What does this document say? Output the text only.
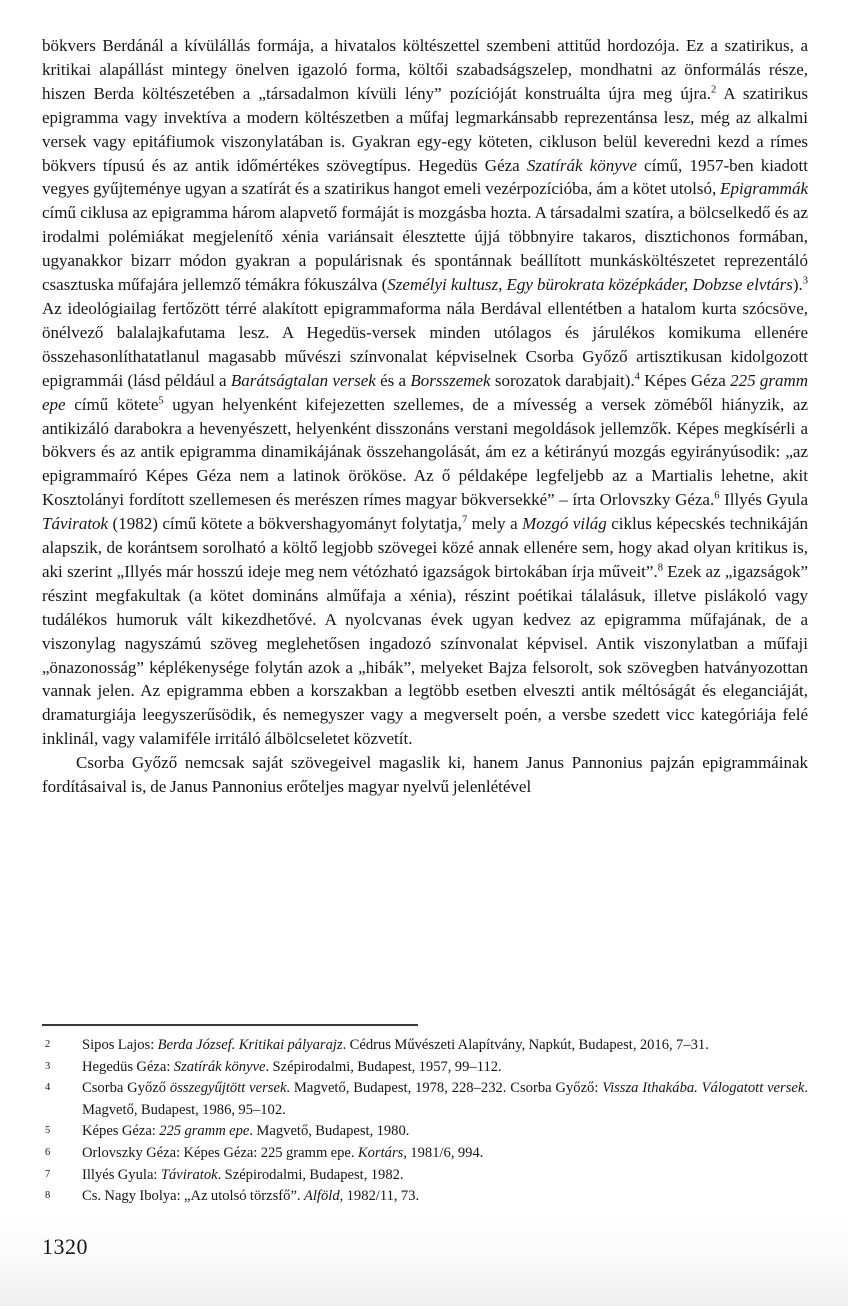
bökvers Berdánál a kívülállás formája, a hivatalos költészettel szembeni attitűd hordozója. Ez a szatirikus, a kritikai alapállást mintegy önelven igazoló forma, költői szabadságszelep, mondhatni az önformálás része, hiszen Berda költészetében a „társadalmon kívüli lény” pozícióját konstruálta újra meg újra.$^2$ A szatirikus epigramma vagy invektíva a modern költészetben a műfaj legmarkánsabb reprezentánsa lesz, még az alkalmi versek vagy epitáfiumok viszonylatában is. Gyakran egy-egy köteten, cikluson belül keveredni kezd a rímes bökvers típusú és az antik időmértékes szövegtípus. Hegedüs Géza Szatírák könyve című, 1957-ben kiadott vegyes gyűjteménye ugyan a szatírát és a szatirikus hangot emeli vezérpozícióba, ám a kötet utolsó, Epigrammák című ciklusa az epigramma három alapvető formáját is mozgásba hozta. A társadalmi szatíra, a bölcselkedő és az irodalmi polémiákat megjelenítő xénia variánsait élesztette újjá többnyire takaros, disztichonos formában, ugyanakkor bizarr módon gyakran a populárisnak és spontánnak beállított munkásköltészetet reprezentáló csasztuska műfajára jellemző témákra fókuszálva (Személyi kultusz, Egy bürokrata középkáder, Dobzse elvtárs).$^3$ Az ideológiailag fertőzött térré alakított epigrammaforma nála Berdával ellentétben a hatalom kurta szócsöve, önélvező balalajkafutama lesz. A Hegedüs-versek minden utólagos és járulékos komikuma ellenére összehasonlíthatatlanul magasabb művészi színvonalat képviselnek Csorba Győző artisztikusan kidolgozott epigrammái (lásd például a Barátságtalan versek és a Borsszemek sorozatok darabjait).$^4$ Képes Géza 225 gramm epe című kötete$^5$ ugyan helyenként kifejezetten szellemes, de a mívesség a versek zöméből hiányzik, az antikizáló darabokra a hevenyészett, helyenként disszonáns verstani megoldások jellemzők. Képes megkísérli a bökvers és az antik epigramma dinamikájának összehangolását, ám ez a kétirányú mozgás egyirányúsodik: „az epigrammaíró Képes Géza nem a latinok örököse. Az ő példaképe legfeljebb az a Martialis lehetne, akit Kosztolányi fordított szellemesen és merészen rímes magyar bökversekké” – írta Orlovszky Géza.$^6$ Illyés Gyula Táviratok (1982) című kötete a bökvershagyományt folytatja,$^7$ mely a Mozgó világ ciklus képecskés technikáján alapszik, de korántsem sorolható a költő legjobb szövegei közé annak ellenére sem, hogy akad olyan kritikus is, aki szerint „Illyés már hosszú ideje meg nem vétózható igazságok birtokában írja műveit”.$^8$ Ezek az „igazságok” részint megfakultak (a kötet domináns alműfaja a xénia), részint poétikai tálalásuk, illetve pislákoló vagy tudálékos humoruk vált kikezdhetővé. A nyolcvanas évek ugyan kedvez az epigramma műfajának, de a viszonylag nagyszámú szöveg meglehetősen ingadozó színvonalat képvisel. Antik viszonylatban a műfaji „önazonosság” képlékenysége folytán azok a „hibák”, melyeket Bajza felsorolt, sok szövegben hatványozottan vannak jelen. Az epigramma ebben a korszakban a legtöbb esetben elveszti antik méltóságát és eleganciáját, dramaturgiája leegyszerűsödik, és nemegyszer vagy a megverselt poén, a versbe szedett vicc kategóriája felé inklinál, vagy valamiféle irritáló álbölcseletet közvetít.

Csorba Győző nemcsak saját szövegeivel magaslik ki, hanem Janus Pannonius pajzán epigrammáinak fordításaival is, de Janus Pannonius erőteljes magyar nyelvű jelenlétével

2 Sipos Lajos: Berda József. Kritikai pályarajz. Cédrus Művészeti Alapítvány, Napkút, Budapest, 2016, 7–31.
3 Hegedüs Géza: Szatírák könyve. Szépirodalmi, Budapest, 1957, 99–112.
4 Csorba Győző összegyűjtött versek. Magvető, Budapest, 1978, 228–232. Csorba Győző: Vissza Ithakába. Válogatott versek. Magvető, Budapest, 1986, 95–102.
5 Képes Géza: 225 gramm epe. Magvető, Budapest, 1980.
6 Orlovszky Géza: Képes Géza: 225 gramm epe. Kortárs, 1981/6, 994.
7 Illyés Gyula: Táviratok. Szépirodalmi, Budapest, 1982.
8 Cs. Nagy Ibolya: „Az utolsó törzsfő”. Alföld, 1982/11, 73.
1320
